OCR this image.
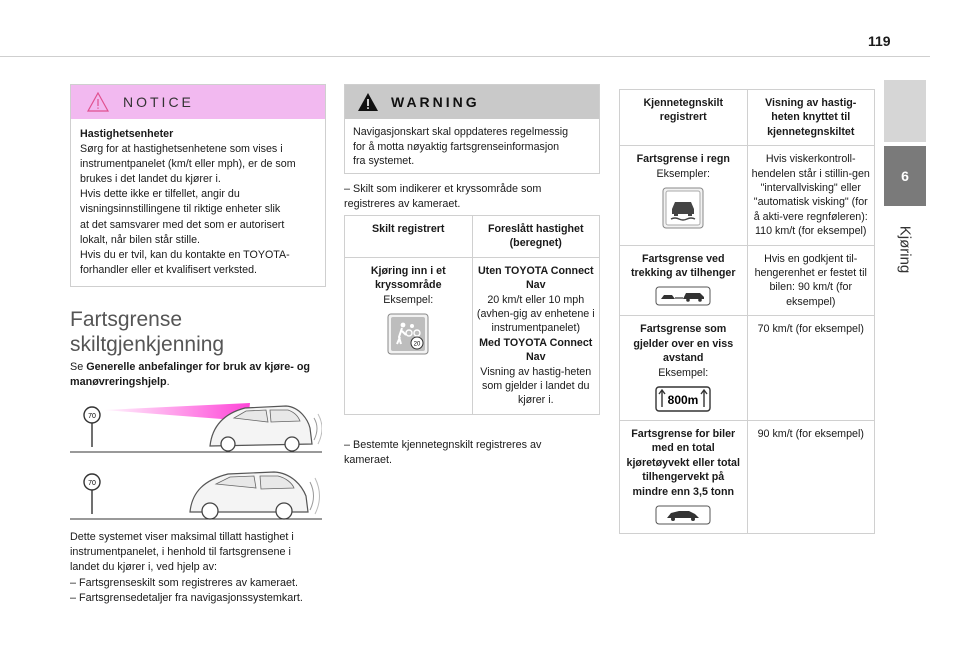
119
6
Kjøring
NOTICE
Hastighetsenheter
Sørg for at hastighetsenhetene som vises i
instrumentpanelet (km/t eller mph), er de som
brukes i det landet du kjører i.
Hvis dette ikke er tilfellet, angir du
visningsinnstillingene til riktige enheter slik
at det samsvarer med det som er autorisert
lokalt, når bilen står stille.
Hvis du er tvil, kan du kontakte en TOYOTA-
forhandler eller et kvalifisert verksted.
Fartsgrense
skiltgjenkjenning
Se Generelle anbefalinger for bruk av kjøre- og manøvreringshjelp.
70
70
Dette systemet viser maksimal tillatt hastighet i
instrumentpanelet, i henhold til fartsgrensene i
landet du kjører i, ved hjelp av:
– Fartsgrenseskilt som registreres av kameraet.
– Fartsgrensedetaljer fra navigasjonssystemkart.
WARNING
Navigasjonskart skal oppdateres regelmessig
for å motta nøyaktig fartsgrenseinformasjon
fra systemet.
– Skilt som indikerer et kryssområde som
registreres av kameraet.
Skilt registrert	Foreslått hastighet (beregnet)

Kjøring inn i et kryssområde
Eksempel:
20	Uten TOYOTA Connect Nav
20 km/t eller 10 mph (avhen-gig av enhetene i instrumentpanelet)
Med TOYOTA Connect Nav
Visning av hastig-heten som gjelder i landet du kjører i.
– Bestemte kjennetegnskilt registreres av
kameraet.
Kjennetegnskilt registrert	Visning av hastig-heten knyttet til kjennetegnskiltet

Fartsgrense i regn
Eksempler:	Hvis viskerkontroll-hendelen står i stillin-gen "intervallvisking" eller "automatisk visking" (for å akti-vere regnføleren): 110 km/t (for eksempel)

Fartsgrense ved trekking av tilhenger	Hvis en godkjent til-hengerenhet er festet til bilen: 90 km/t (for eksempel)

Fartsgrense som gjelder over en viss avstand
Eksempel:
800m	70 km/t (for eksempel)

Fartsgrense for biler med en total kjøretøyvekt eller total tilhengervekt på mindre enn 3,5 tonn	90 km/t (for eksempel)
